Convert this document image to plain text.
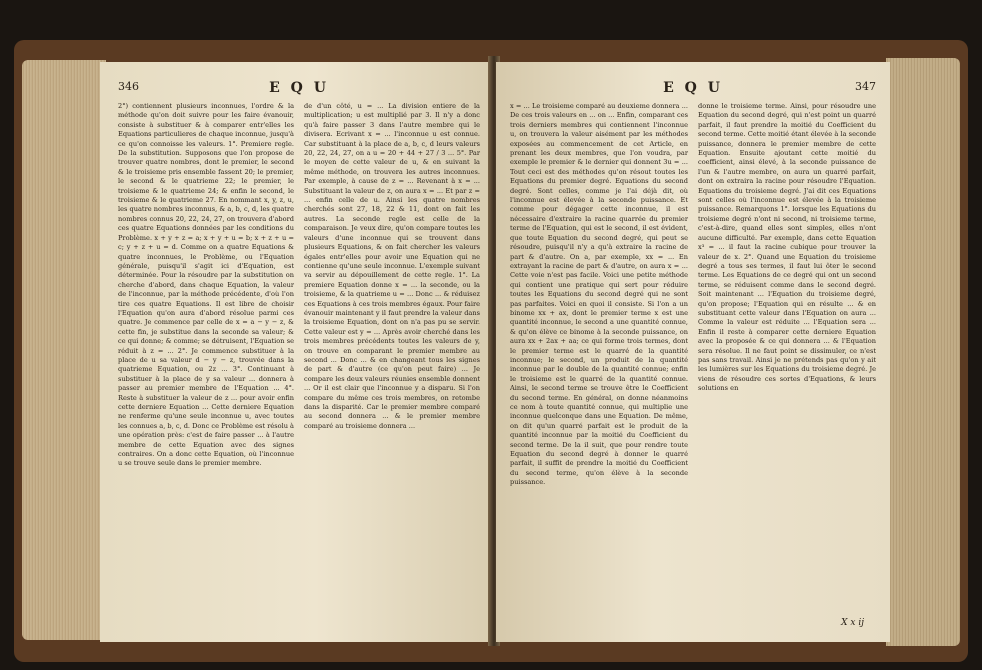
346	E Q U

2°) contiennent plusieurs inconnues, l'ordre & la méthode qu'on doit suivre pour les faire évanouir, consiste à substituer & à comparer entr'elles les Equations particulieres de chaque inconnue, jusqu'à ce qu'on connoisse les valeurs. 1°. Premiere regle. De la substitution. Supposons que l'on propose de trouver quatre nombres, dont le premier, le second & le troisieme pris ensemble fassent 20; le premier, le second & le quatrieme 22; le premier, le troisieme & le quatrieme 24; & enfin le second, le troisieme & le quatrieme 27. En nommant x, y, z, u, les quatre nombres inconnus, & a, b, c, d, les quatre nombres connus 20, 22, 24, 27, on trouvera d'abord ces quatre Equations données par les conditions du Problème. x + y + z = a; x + y + u = b; x + z + u = c; y + z + u = d. Comme on a quatre Equations & quatre inconnues, le Problème, ou l'Equation générale, puisqu'il s'agit ici d'Equation, est déterminée. Pour la résoudre par la substitution on cherche d'abord, dans chaque Equation, la valeur de l'inconnue, par la méthode précédente, d'où l'on tire ces quatre Equations. Il est libre de choisir l'Equation qu'on aura d'abord résolue parmi ces quatre. Je commence par celle de x = a − y − z, & cette fin, je substitue dans la seconde sa valeur; & ce qui donne; & comme; se détruisent, l'Equation se réduit à z = ... 2°. Je commence substituer à la place de u sa valeur d − y − z, trouvée dans la quatrieme Equation, ou 2z ... 3°. Continuant à substituer à la place de y sa valeur ... donnera à passer au premier membre de l'Equation ... 4°. Reste à substituer la valeur de z ... pour avoir enfin cette derniere Equation ... Cette derniere Equation ne renferme qu'une seule inconnue u, avec toutes les connues a, b, c, d. Donc ce Problème est résolu à une opération près: c'est de faire passer ... à l'autre membre de cette Equation avec des signes contraires. On a donc cette Equation, où l'inconnue u se trouve seule dans le premier membre.

de d'un côté, u = ... La division entiere de la multiplication; u est multiplié par 3. Il n'y a donc qu'à faire passer 3 dans l'autre membre qui le divisera. Ecrivant x = ... l'inconnue u est connue. Car substituant à la place de a, b, c, d leurs valeurs 20, 22, 24, 27, on a u = 20 + 44 + 27 / 3 ... 5°. Par le moyen de cette valeur de u, & en suivant la même méthode, on trouvera les autres inconnues. Par exemple, à cause de z = ... Revenant à x = ... Substituant la valeur de z, on aura x = ... Et par z = ... enfin celle de u. Ainsi les quatre nombres cherchés sont 27, 18, 22 & 11, dont on fait les autres. La seconde regle est celle de la comparaison. Je veux dire, qu'on compare toutes les valeurs d'une inconnue qui se trouvent dans plusieurs Equations, & on fait chercher les valeurs égales entr'elles pour avoir une Equation qui ne contienne qu'une seule inconnue. L'exemple suivant va servir au dépouillement de cette regle. 1°. La premiere Equation donne x = ... la seconde, ou la troisieme, & la quatrieme u = ... Donc ... & réduisez ces Equations à ces trois membres égaux. Pour faire évanouir maintenant y il faut prendre la valeur dans la troisieme Equation, dont on n'a pas pu se servir. Cette valeur est y = ... Après avoir cherché dans les trois membres précédents toutes les valeurs de y, on trouve en comparant le premier membre au second ... Donc ... & en changeant tous les signes de part & d'autre (ce qu'on peut faire) ... Je compare les deux valeurs réunies ensemble donnent ... Or il est clair que l'inconnue y a disparu. Si l'on compare du même ces trois membres, on retombe dans la disparité. Car le premier membre comparé au second donnera ... & le premier membre comparé au troisieme donnera ...

E Q U	347

x = ... Le troisieme comparé au deuxieme donnera ... De ces trois valeurs en ... on ... Enfin, comparant ces trois derniers membres qui contiennent l'inconnue u, on trouvera la valeur aisément par les méthodes exposées au commencement de cet Article, en prenant les deux membres, que l'on voudra, par exemple le premier & le dernier qui donnent 3u = ... Tout ceci est des méthodes qu'on résout toutes les Equations du premier degré. Equations du second degré. Sont celles, comme je l'ai déjà dit, où l'inconnue est élevée à la seconde puissance. Et comme pour dégager cette inconnue, il est nécessaire d'extraire la racine quarrée du premier terme de l'Equation, qui est le second, il est évident, que toute Equation du second degré, qui peut se résoudre, puisqu'il n'y a qu'à extraire la racine de part & d'autre. On a, par exemple, xx = ... En extrayant la racine de part & d'autre, on aura x = ... Cette voie n'est pas facile. Voici une petite méthode qui contient une pratique qui sert pour réduire toutes les Equations du second degré qui ne sont pas parfaites. Voici en quoi il consiste. Si l'on a un binome xx + ax, dont le premier terme x est une quantité inconnue, le second a une quantité connue, & qu'on élève ce binome à la seconde puissance, on aura xx + 2ax + aa; ce qui forme trois termes, dont le premier terme est le quarré de la quantité inconnue; le second, un produit de la quantité inconnue par le double de la quantité connue; enfin le troisieme est le quarré de la quantité connue. Ainsi, le second terme se trouve être le Coefficient du second terme. En général, on donne néanmoins ce nom à toute quantité connue, qui multiplie une inconnue quelconque dans une Equation. De même, on dit qu'un quarré parfait est le produit de la quantité inconnue par la moitié du Coefficient du second terme. De la il suit, que pour rendre toute Equation du second degré à donner le quarré parfait, il suffit de prendre la moitié du Coefficient du second terme, qu'on élève à la seconde puissance.

donne le troisieme terme. Ainsi, pour résoudre une Equation du second degré, qui n'est point un quarré parfait, il faut prendre la moitié du Coefficient du second terme. Cette moitié étant élevée à la seconde puissance, donnera le premier membre de cette Equation. Ensuite ajoutant cette moitié du coefficient, ainsi élevé, à la seconde puissance de l'un & l'autre membre, on aura un quarré parfait, dont on extraira la racine pour résoudre l'Equation. Equations du troisieme degré. J'ai dit ces Equations sont celles où l'inconnue est élevée à la troisieme puissance. Remarquons 1°. lorsque les Equations du troisieme degré n'ont ni second, ni troisieme terme, c'est-à-dire, quand elles sont simples, elles n'ont aucune difficulté. Par exemple, dans cette Equation x³ = ... il faut la racine cubique pour trouver la valeur de x. 2°. Quand une Equation du troisieme degré a tous ses termes, il faut lui ôter le second terme. Les Equations de ce degré qui ont un second terme, se réduisent comme dans le second degré. Soit maintenant ... l'Equation du troisieme degré, qu'on propose; l'Equation qui en résulte ... & en substituant cette valeur dans l'Equation on aura ... Comme la valeur est réduite ... l'Equation sera ... Enfin il reste à comparer cette derniere Equation avec la proposée & ce qui donnera ... & l'Equation sera résolue. Il ne faut point se dissimuler, ce n'est pas sans travail. Ainsi je ne prétends pas qu'on y ait les lumières sur les Equations du troisieme degré. Je viens de résoudre ces sortes d'Equations, & leurs solutions en

X x ij
